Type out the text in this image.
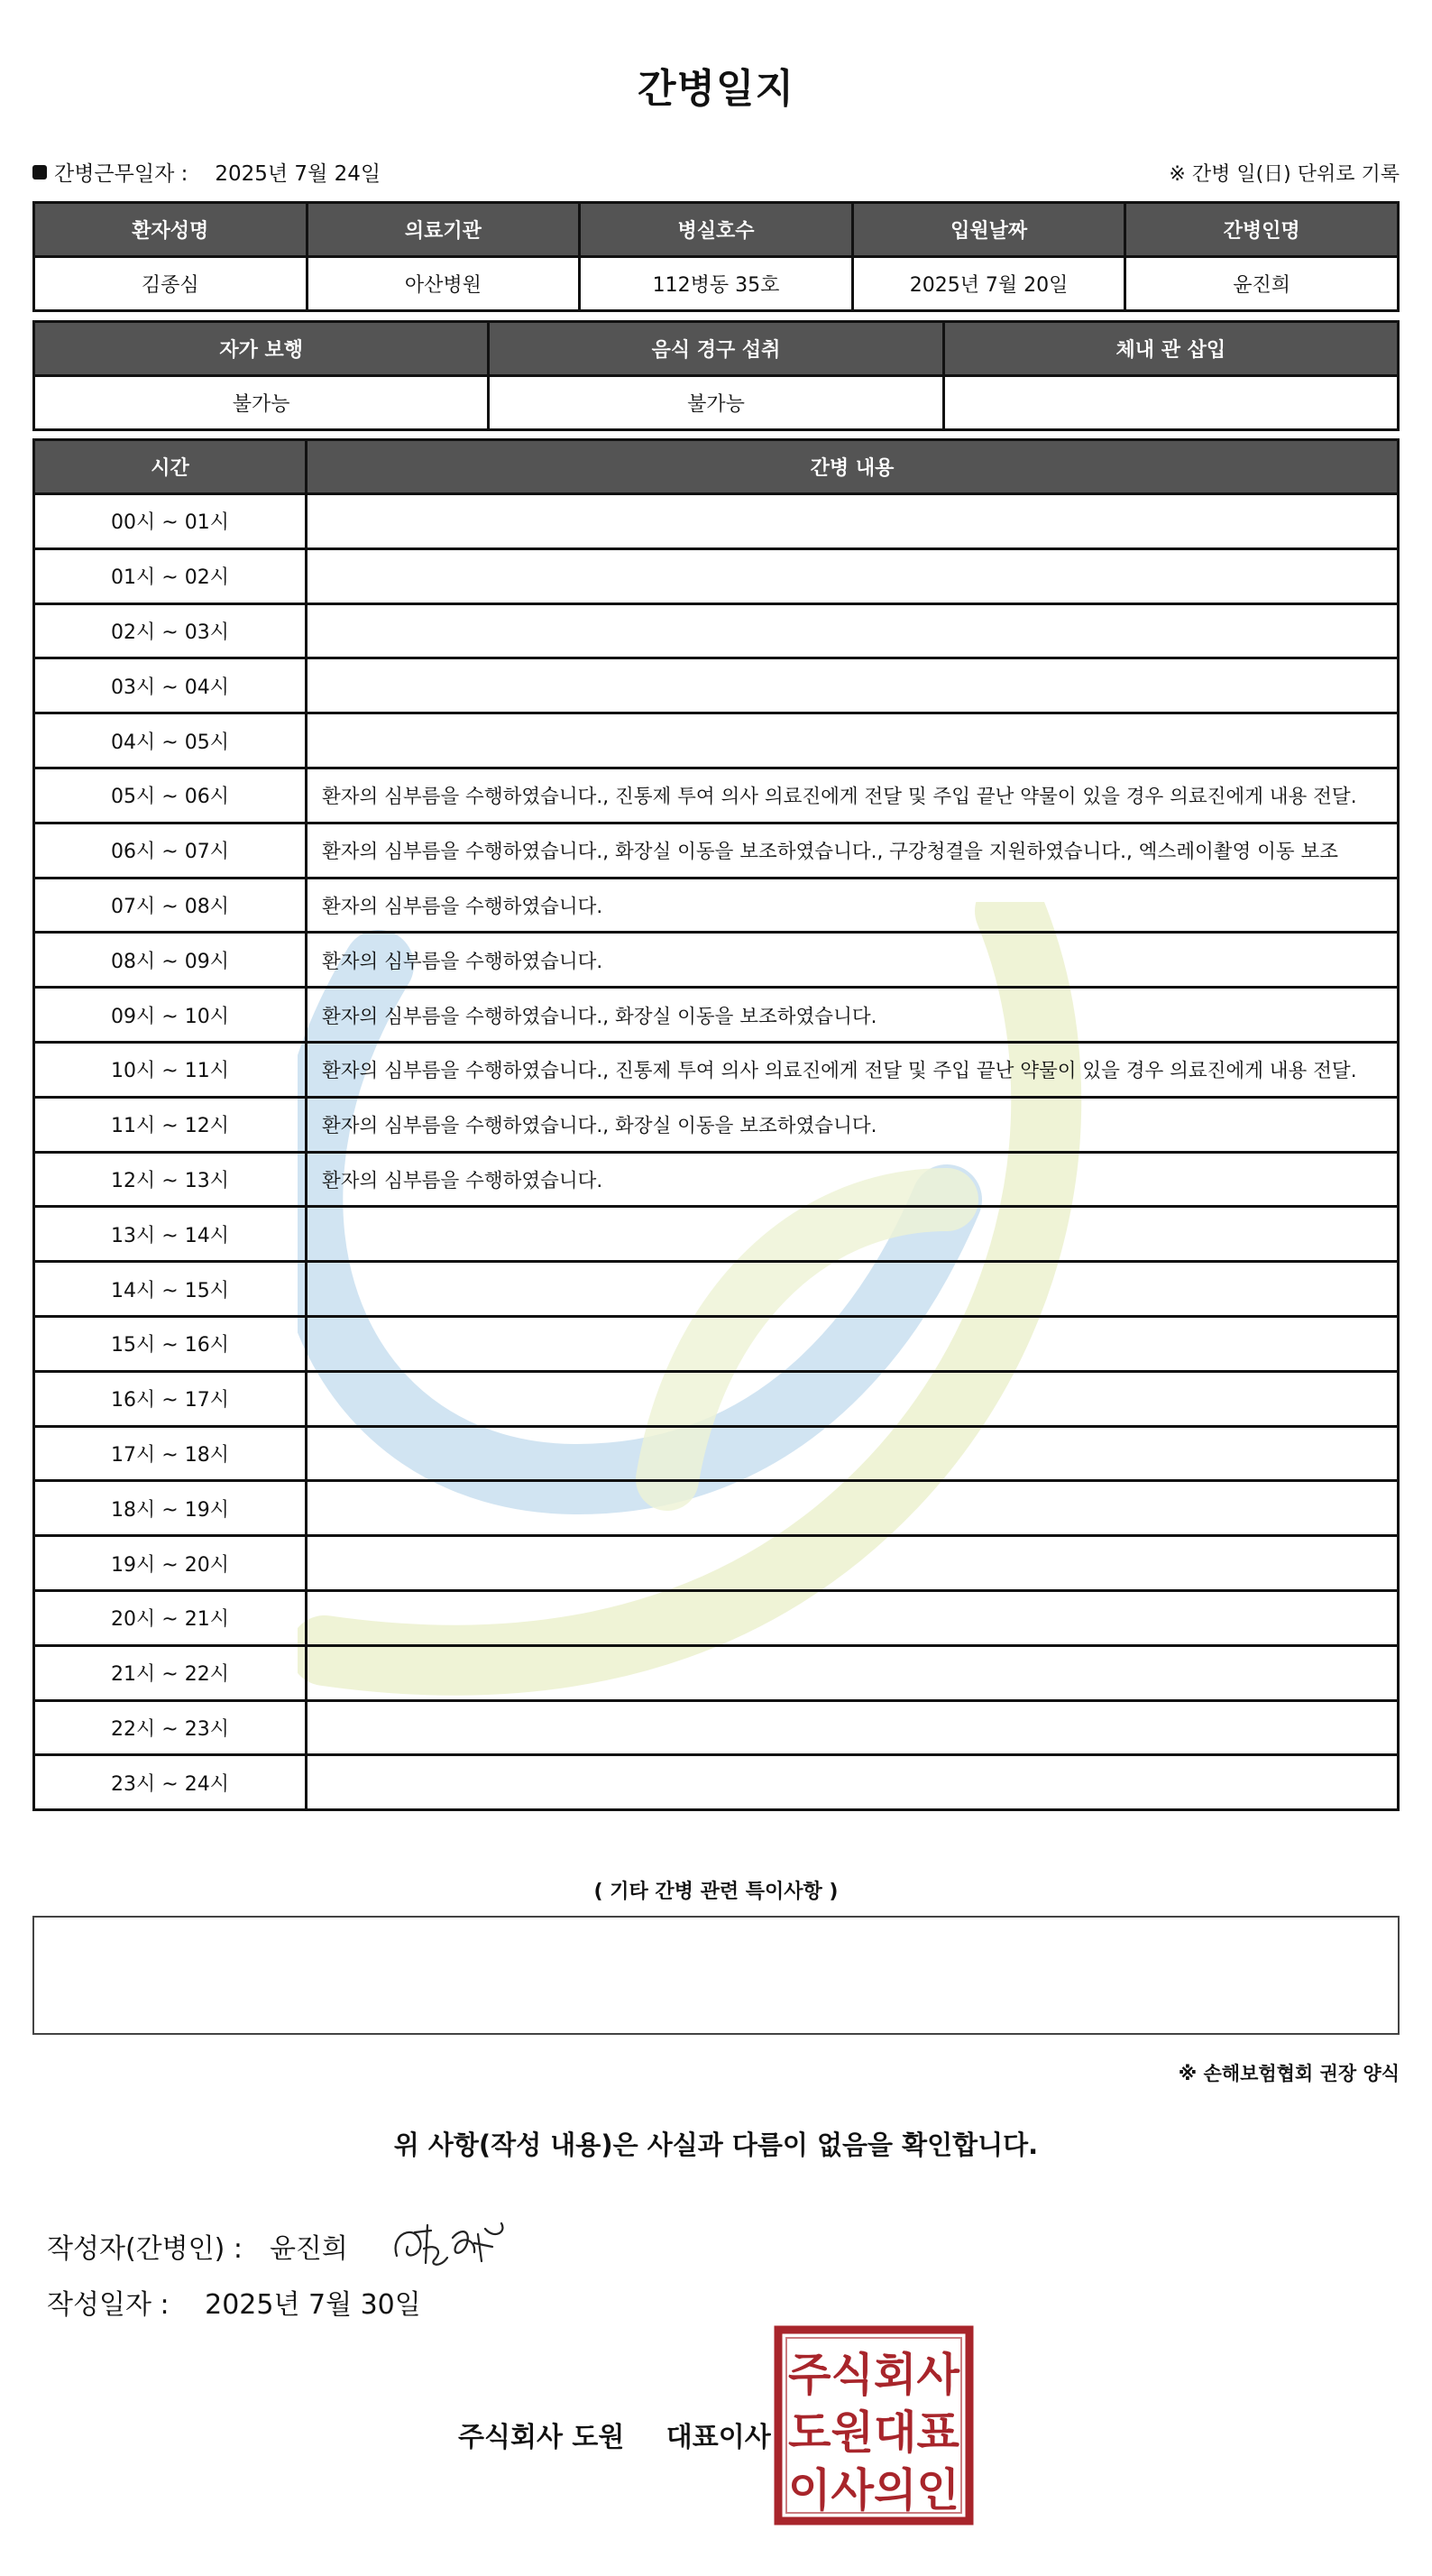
간병일지
간병근무일자 : 2025년 7월 24일	※ 간병 일(日) 단위로 기록
환자성명	의료기관	병실호수	입원날짜	간병인명
김종심	아산병원	112병동 35호	2025년 7월 20일	윤진희
자가 보행	음식 경구 섭취	체내 관 삽입
불가능	불가능	
시간	간병 내용
00시 ~ 01시	
01시 ~ 02시	
02시 ~ 03시	
03시 ~ 04시	
04시 ~ 05시	
05시 ~ 06시	환자의 심부름을 수행하였습니다., 진통제 투여 의사 의료진에게 전달 및 주입 끝난 약물이 있을 경우 의료진에게 내용 전달.
06시 ~ 07시	환자의 심부름을 수행하였습니다., 화장실 이동을 보조하였습니다., 구강청결을 지원하였습니다., 엑스레이촬영 이동 보조
07시 ~ 08시	환자의 심부름을 수행하였습니다.
08시 ~ 09시	환자의 심부름을 수행하였습니다.
09시 ~ 10시	환자의 심부름을 수행하였습니다., 화장실 이동을 보조하였습니다.
10시 ~ 11시	환자의 심부름을 수행하였습니다., 진통제 투여 의사 의료진에게 전달 및 주입 끝난 약물이 있을 경우 의료진에게 내용 전달.
11시 ~ 12시	환자의 심부름을 수행하였습니다., 화장실 이동을 보조하였습니다.
12시 ~ 13시	환자의 심부름을 수행하였습니다.
13시 ~ 14시	
14시 ~ 15시	
15시 ~ 16시	
16시 ~ 17시	
17시 ~ 18시	
18시 ~ 19시	
19시 ~ 20시	
20시 ~ 21시	
21시 ~ 22시	
22시 ~ 23시	
23시 ~ 24시	
( 기타 간병 관련 특이사항 )
※ 손해보험협회 권장 양식
위 사항(작성 내용)은 사실과 다름이 없음을 확인합니다.
작성자(간병인) : 윤진희
작성일자 : 2025년 7월 30일
주식회사 도원 대표이사
주식회사
도원대표
이사의인
